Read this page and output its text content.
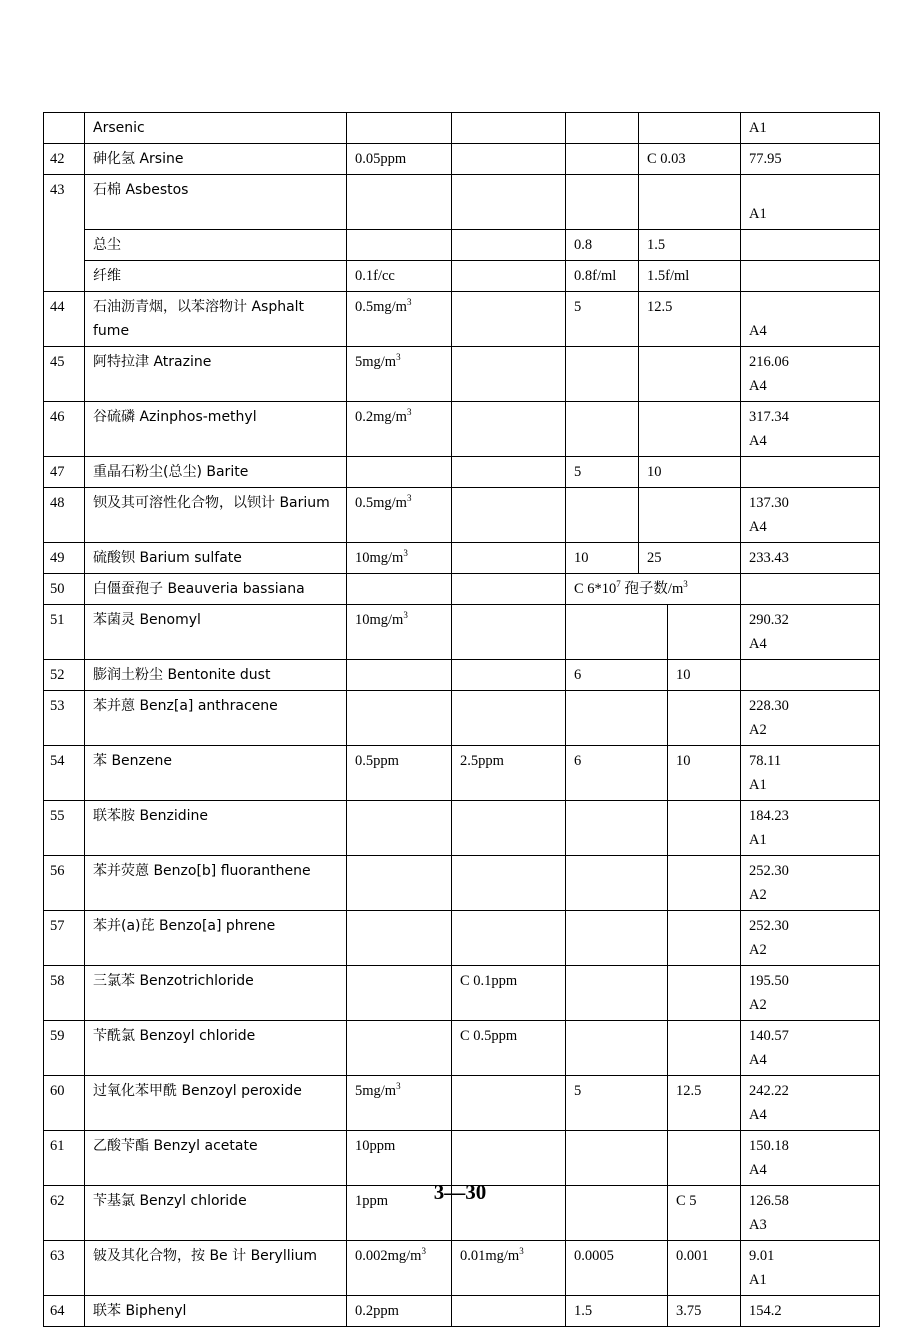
	Arsenic						A1
42	砷化氢 Arsine	0.05ppm			C 0.03		77.95
43	石棉 Asbestos						A1

	总尘			0.8	1.5		
	纤维	0.1f/cc		0.8f/ml	1.5f/ml		
44	石油沥青烟，以苯溶物计 Asphalt fume	$0.5mg/m^3$		5	12.5		A4

45	阿特拉津 Atrazine	$5mg/m^3$					216.06
A4

46	谷硫磷 Azinphos-methyl	$0.2mg/m^3$					317.34
A4

47	重晶石粉尘(总尘) Barite			5	10		
48	钡及其可溶性化合物，以钡计 Barium	$0.5mg/m^3$					137.30
A4

49	硫酸钡 Barium sulfate	$10mg/m^3$		10	25		233.43
50	白僵蚕孢子 Beauveria bassiana			C $6*10^7$ 孢子数$/m^3$	
51	苯菌灵 Benomyl	$10mg/m^3$					290.32
A4

52	膨润土粉尘 Bentonite dust			6		10	
53	苯并蒽 Benz[a] anthracene						228.30
A2

54	苯 Benzene	0.5ppm	2.5ppm	6		10	78.11
A1

55	联苯胺 Benzidine						184.23
A1

56	苯并荧蒽 Benzo[b] fluoranthene						252.30
A2

57	苯并(a)芘 Benzo[a] phrene						252.30
A2

58	三氯苯 Benzotrichloride		C 0.1ppm				195.50
A2

59	苄酰氯 Benzoyl chloride		C 0.5ppm				140.57
A4

60	过氧化苯甲酰 Benzoyl peroxide	$5mg/m^3$		5		12.5	242.22
A4

61	乙酸苄酯 Benzyl acetate	10ppm					150.18
A4

62	苄基氯 Benzyl chloride	1ppm				C 5	126.58
A3

63	铍及其化合物，按 Be 计 Beryllium	$0.002mg/m^3$	$0.01mg/m^3$	0.0005		0.001	9.01
A1

64	联苯 Biphenyl	0.2ppm		1.5		3.75	154.2
3—30
